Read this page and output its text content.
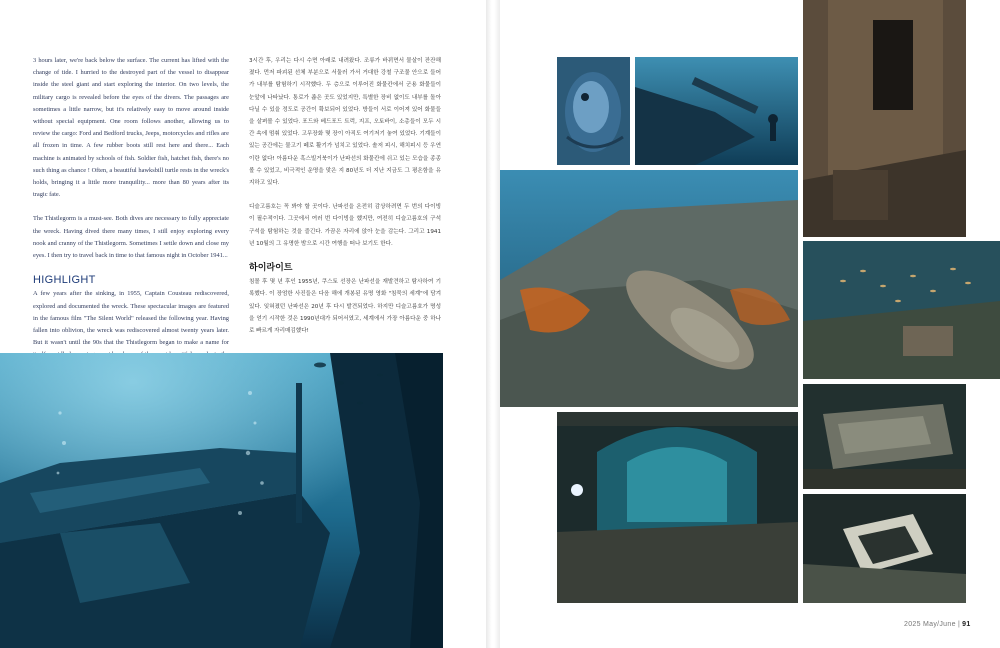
3 hours later, we're back below the surface. The current has lifted with the change of tide. I hurried to the destroyed part of the vessel to disappear inside the steel giant and start exploring the interior. On two levels, the military cargo is revealed before the eyes of the divers. The passages are sometimes a little narrow, but it's relatively easy to move around inside without special equipment. One room follows another, allowing us to review the cargo: Ford and Bedford trucks, Jeeps, motorcycles and rifles are all frozen in time. A few rubber boots still rest here and there... Each machine is animated by schools of fish. Soldier fish, hatchet fish, there's no such thing as chance ! Often, a beautiful hawksbill turtle rests in the wreck's holds, bringing it a little more tranquility... more than 80 years after its tragic fate.

The Thistlegorm is a must-see. Both dives are necessary to fully appreciate the wreck. Having dived there many times, I still enjoy exploring every nook and cranny of the Thistlegorm. Sometimes I settle down and close my eyes. I then try to travel back in time to that famous night in October 1941...

HIGHLIGHT

A few years after the sinking, in 1955, Captain Cousteau rediscovered, explored and documented the wreck. These spectacular images are featured in the famous film "The Silent World" released the following year. Having fallen into oblivion, the wreck was rediscovered almost twenty years later. But it wasn't until the 90s that the Thistlegorm began to make a name for

3시간 후, 우리는 다시 수면 아래로 내려왔다. 조류가 바뀌면서 물살이 잔잔해졌다. 먼저 파괴된 선체 부분으로 서둘러 가서 거대한 강철 구조물 안으로 들어가 내부를 탐험하기 시작했다. 두 층으로 이루어진 화물칸에서 군용 화물들이 눈앞에 나타났다. 통로가 좁은 곳도 있었지만, 특별한 장비 없이도 내부를 돌아다닐 수 있을 정도로 공간이 확보되어 있었다. 방들이 서로 이어져 있어 화물들을 살펴볼 수 있었다. 포드와 베드포드 트럭, 지프, 오토바이, 소총들이 모두 시간 속에 멈춰 있었다. 고무장화 몇 장이 아직도 여기저기 놓여 있었다. 기계들이 있는 공간에는 물고기 떼로 활기가 넘치고 있었다. 솔저 피시, 해치피시 등 우연이란 없다! 아름다운 흑스빌거북이가 난파선의 화물칸에 쉬고 있는 모습을 종종 볼 수 있었고, 비극적인 운명을 맞은 지 80년도 더 지난 지금도 그 평온함을 유지하고 있다.

디슬고름호는 꼭 봐야 할 곳이다. 난파선을 온전히 감상하려면 두 번의 다이빙이 필수적이다. 그곳에서 여러 번 다이빙을 했지만, 여전히 디슬고름호의 구석구석을 탐험하는 것을 즐긴다. 가끔은 자리에 앉아 눈을 감는다. 그리고 1941년 10월의 그 유명한 밤으로 시간 여행을 떠나 보기도 한다.

하이라이트

침몰 후 몇 년 후인 1955년, 쿠스토 선장은 난파선을 재발견하고 탐사하여 기록했다. 이 장엄한 사진들은 다음 해에 개봉된 유명 영화 "침묵의 세계"에 담겨 있다. 잊혀졌던 난파선은 20년 후 다시 발견되었다. 하지만 디슬고름호가 명성을 얻기 시작한 것은 1990년대가 되어서였고, 세계에서 가장 아름다운 중 하나로 빠르게 자리매김했다!

2025 May/June | 91
